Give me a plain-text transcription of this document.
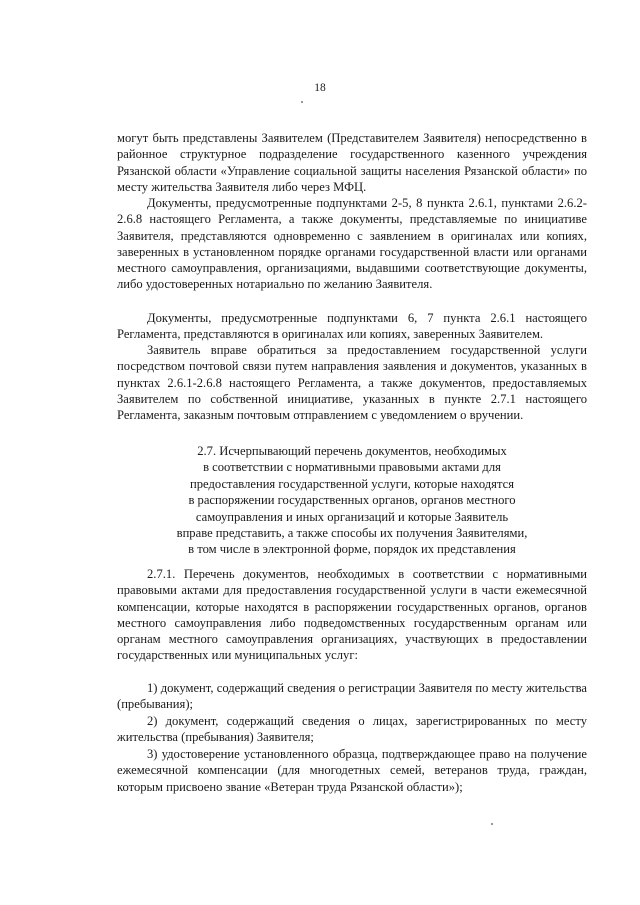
18

могут быть представлены Заявителем (Представителем Заявителя) непосредственно в районное структурное подразделение государственного казенного учреждения Рязанской области «Управление социальной защиты населения Рязанской области» по месту жительства Заявителя либо через МФЦ.

Документы, предусмотренные подпунктами 2-5, 8 пункта 2.6.1, пунктами 2.6.2-2.6.8 настоящего Регламента, а также документы, представляемые по инициативе Заявителя, представляются одновременно с заявлением в оригиналах или копиях, заверенных в установленном порядке органами государственной власти или органами местного самоуправления, организациями, выдавшими соответствующие документы, либо удостоверенных нотариально по желанию Заявителя.

Документы, предусмотренные подпунктами 6, 7 пункта 2.6.1 настоящего Регламента, представляются в оригиналах или копиях, заверенных Заявителем.

Заявитель вправе обратиться за предоставлением государственной услуги посредством почтовой связи путем направления заявления и документов, указанных в пунктах 2.6.1-2.6.8 настоящего Регламента, а также документов, предоставляемых Заявителем по собственной инициативе, указанных в пункте 2.7.1 настоящего Регламента, заказным почтовым отправлением с уведомлением о вручении.

2.7. Исчерпывающий перечень документов, необходимых
в соответствии с нормативными правовыми актами для
предоставления государственной услуги, которые находятся
в распоряжении государственных органов, органов местного
самоуправления и иных организаций и которые Заявитель
вправе представить, а также способы их получения Заявителями,
в том числе в электронной форме, порядок их представления

2.7.1. Перечень документов, необходимых в соответствии с нормативными правовыми актами для предоставления государственной услуги в части ежемесячной компенсации, которые находятся в распоряжении государственных органов, органов местного самоуправления либо подведомственных государственным органам или органам местного самоуправления организациях, участвующих в предоставлении государственных или муниципальных услуг:

1) документ, содержащий сведения о регистрации Заявителя по месту жительства (пребывания);

2) документ, содержащий сведения о лицах, зарегистрированных по месту жительства (пребывания) Заявителя;

3) удостоверение установленного образца, подтверждающее право на получение ежемесячной компенсации (для многодетных семей, ветеранов труда, граждан, которым присвоено звание «Ветеран труда Рязанской области»);
